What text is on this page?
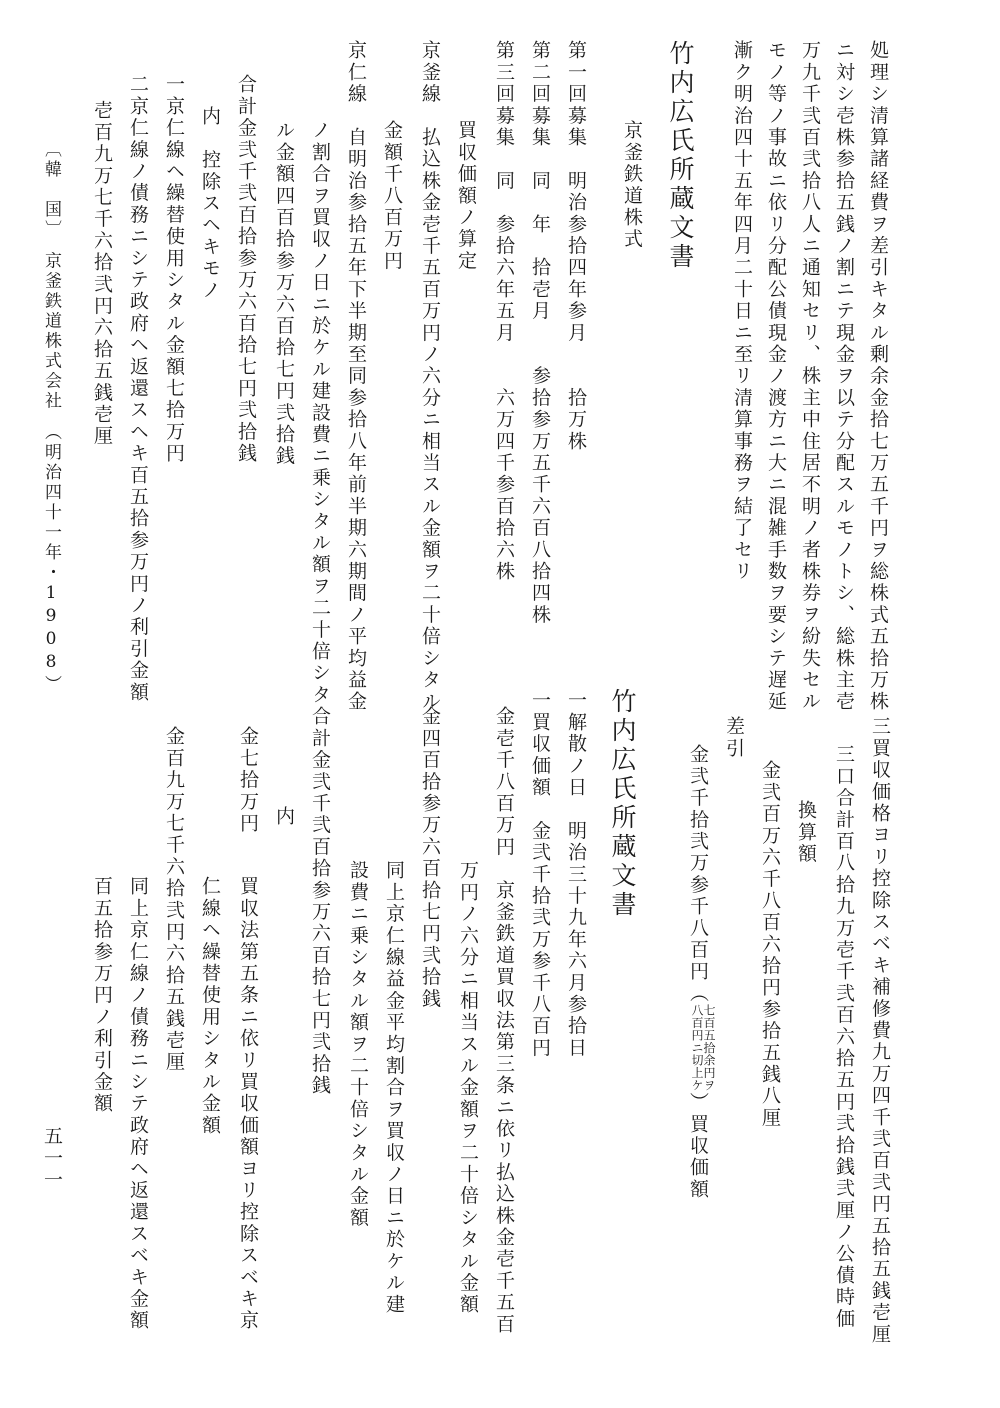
処理シ清算諸経費ヲ差引キタル剰余金拾七万五千円ヲ総株式五拾万株
ニ対シ壱株参拾五銭ノ割ニテ現金ヲ以テ分配スルモノトシ、総株主壱
万九千弐百弐拾八人ニ通知セリ、株主中住居不明ノ者株券ヲ紛失セル
モノ等ノ事故ニ依リ分配公債現金ノ渡方ニ大ニ混雑手数ヲ要シテ遅延
漸ク明治四十五年四月二十日ニ至リ清算事務ヲ結了セリ
竹内広氏所蔵文書
京釜鉄道株式
第一回募集　明治参拾四年参月　　拾万株
第二回募集　同　年　拾壱月　　参拾参万五千六百八拾四株
第三回募集　同　参拾六年五月　　六万四千参百拾六株
買収価額ノ算定
京釜線　払込株金壱千五百万円ノ六分ニ相当スル金額ヲ二十倍シタル
金額千八百万円
京仁線　自明治参拾五年下半期至同参拾八年前半期六期間ノ平均益金
ノ割合ヲ買収ノ日ニ於ケル建設費ニ乗シタル額ヲ二十倍シタ
ル金額四百拾参万六百拾七円弐拾銭
合計金弐千弐百拾参万六百拾七円弐拾銭
内　控除スヘキモノ
一京仁線ヘ繰替使用シタル金額七拾万円
二京仁線ノ債務ニシテ政府ヘ返還スヘキ百五拾参万円ノ利引金額
壱百九万七千六拾弐円六拾五銭壱厘
〔韓　国〕　京釜鉄道株式会社　（明治四十一年・1908）
五一一	三買収価格ヨリ控除スベキ補修費九万四千弐百弐円五拾五銭壱厘
三口合計百八拾九万壱千弐百六拾五円弐拾銭弐厘ノ公債時価
換算額
金弐百万六千八百六拾円参拾五銭八厘
差引
金弐千拾弐万参千八百円（
七百五拾余円ヲ
八百円ニ切上ケ
）買収価額
竹内広氏所蔵文書
一解散ノ日　明治三十九年六月参拾日
一買収価額　金弐千拾弐万参千八百円
金壱千八百万円　京釜鉄道買収法第三条ニ依リ払込株金壱千五百
万円ノ六分ニ相当スル金額ヲ二十倍シタル金額
金四百拾参万六百拾七円弐拾銭
同上京仁線益金平均割合ヲ買収ノ日ニ於ケル建
設費ニ乗シタル額ヲ二十倍シタル金額
合計金弐千弐百拾参万六百拾七円弐拾銭
内
金七拾万円
買収法第五条ニ依リ買収価額ヨリ控除スベキ京
仁線ヘ繰替使用シタル金額
金百九万七千六拾弐円六拾五銭壱厘
同上京仁線ノ債務ニシテ政府ヘ返還スベキ金額
百五拾参万円ノ利引金額
